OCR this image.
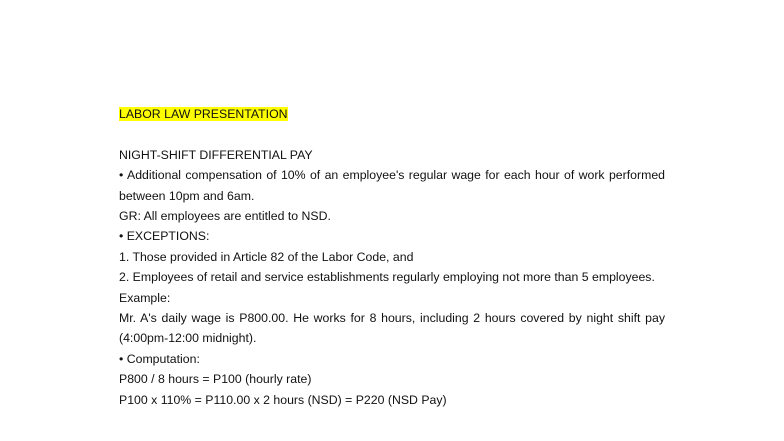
LABOR LAW PRESENTATION
NIGHT-SHIFT DIFFERENTIAL PAY
• Additional compensation of 10% of an employee's regular wage for each hour of work performed between 10pm and 6am.
GR: All employees are entitled to NSD.
• EXCEPTIONS:
1. Those provided in Article 82 of the Labor Code, and
2. Employees of retail and service establishments regularly employing not more than 5 employees.
Example:
Mr. A's daily wage is P800.00. He works for 8 hours, including 2 hours covered by night shift pay (4:00pm-12:00 midnight).
• Computation:
P800 / 8 hours = P100 (hourly rate)
P100 x 110% = P110.00 x 2 hours (NSD) = P220 (NSD Pay)
